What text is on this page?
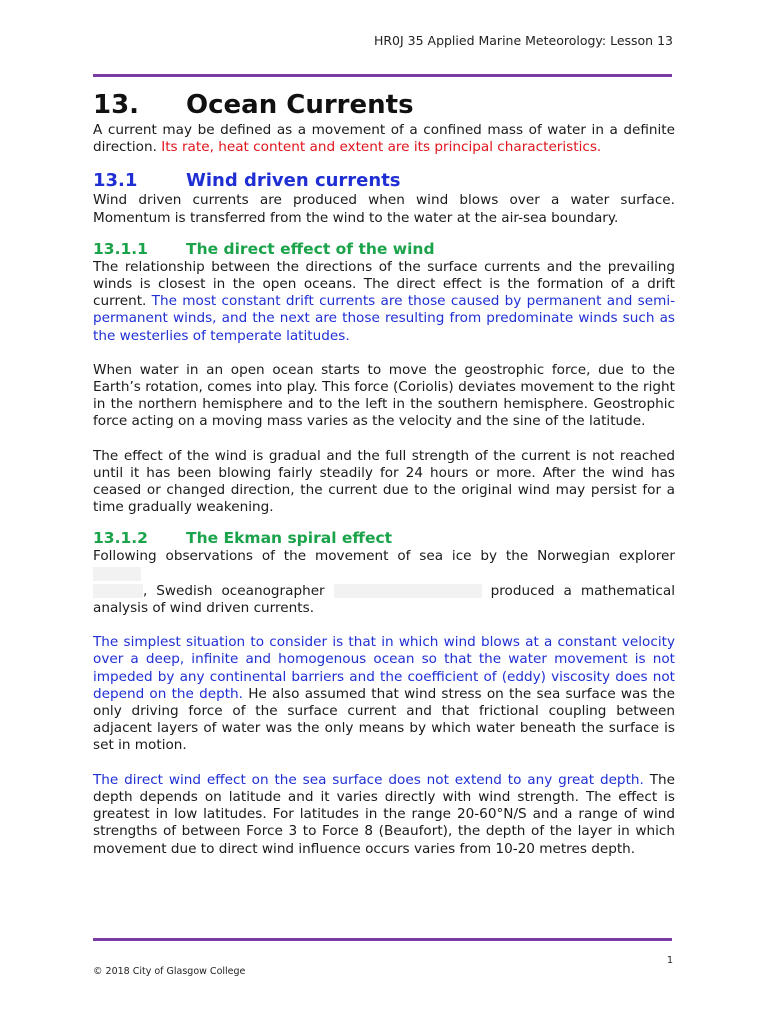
HR0J 35 Applied Marine Meteorology: Lesson 13
13.	Ocean Currents

A current may be defined as a movement of a confined mass of water in a definite direction. Its rate, heat content and extent are its principal characteristics.

13.1	Wind driven currents

Wind driven currents are produced when wind blows over a water surface. Momentum is transferred from the wind to the water at the air-sea boundary.

13.1.1	The direct effect of the wind

The relationship between the directions of the surface currents and the prevailing winds is closest in the open oceans. The direct effect is the formation of a drift current. The most constant drift currents are those caused by permanent and semi-permanent winds, and the next are those resulting from predominate winds such as the westerlies of temperate latitudes.

When water in an open ocean starts to move the geostrophic force, due to the Earth’s rotation, comes into play. This force (Coriolis) deviates movement to the right in the northern hemisphere and to the left in the southern hemisphere. Geostrophic force acting on a moving mass varies as the velocity and the sine of the latitude.

The effect of the wind is gradual and the full strength of the current is not reached until it has been blowing fairly steadily for 24 hours or more. After the wind has ceased or changed direction, the current due to the original wind may persist for a time gradually weakening.

13.1.2	The Ekman spiral effect

Following observations of the movement of sea ice by the Norwegian explorer
, Swedish oceanographer	produced a mathematical analysis of wind driven currents.

The simplest situation to consider is that in which wind blows at a constant velocity over a deep, infinite and homogenous ocean so that the water movement is not impeded by any continental barriers and the coefficient of (eddy) viscosity does not depend on the depth. He also assumed that wind stress on the sea surface was the only driving force of the surface current and that frictional coupling between adjacent layers of water was the only means by which water beneath the surface is set in motion.

The direct wind effect on the sea surface does not extend to any great depth. The depth depends on latitude and it varies directly with wind strength. The effect is greatest in low latitudes. For latitudes in the range 20-60°N/S and a range of wind strengths of between Force 3 to Force 8 (Beaufort), the depth of the layer in which movement due to direct wind influence occurs varies from 10-20 metres depth.

1
© 2018 City of Glasgow College
